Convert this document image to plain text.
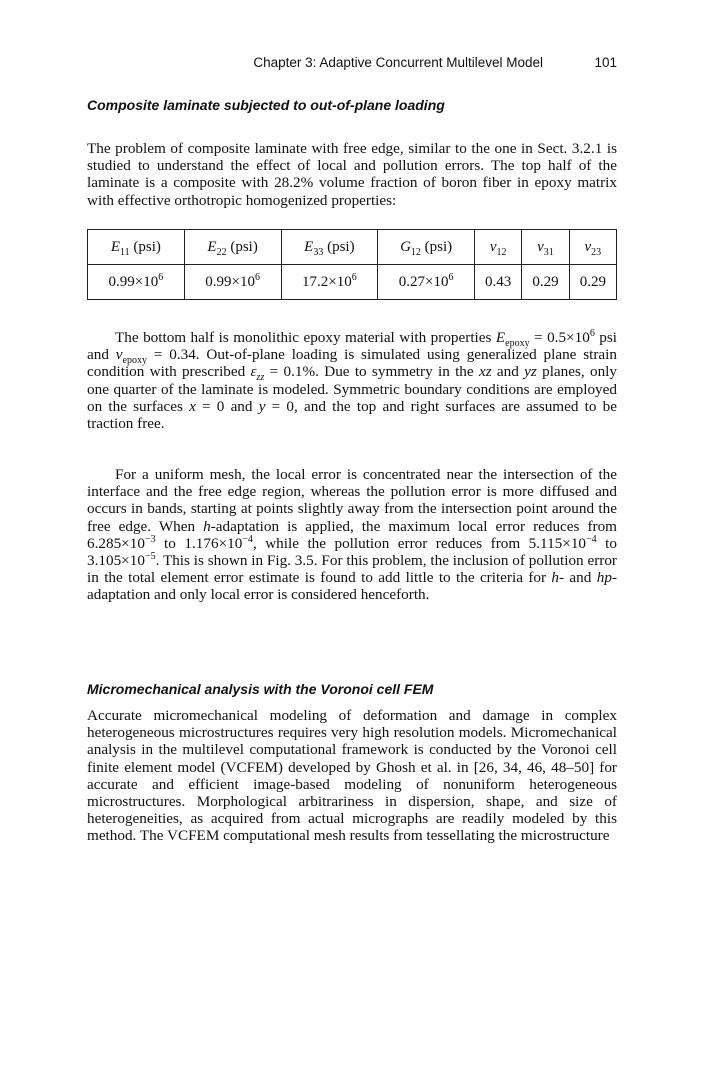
Chapter 3: Adaptive Concurrent Multilevel Model	101
Composite laminate subjected to out-of-plane loading

The problem of composite laminate with free edge, similar to the one in Sect. 3.2.1 is studied to understand the effect of local and pollution errors. The top half of the laminate is a composite with 28.2% volume fraction of boron fiber in epoxy matrix with effective orthotropic homogenized properties:

$E_{11}$ (psi)	$E_{22}$ (psi)	$E_{33}$ (psi)	$G_{12}$ (psi)	$\nu_{12}$	$\nu_{31}$	$\nu_{23}$
$0.99\times 10^6$	$0.99\times 10^6$	$17.2\times 10^6$	$0.27\times 10^6$	0.43	0.29	0.29

The bottom half is monolithic epoxy material with properties $E_{epoxy} = 0.5\times 10^6$ psi and $\nu_{epoxy} = 0.34$. Out-of-plane loading is simulated using generalized plane strain condition with prescribed $\varepsilon_{zz} = 0.1\%$. Due to symmetry in the xz and yz planes, only one quarter of the laminate is modeled. Symmetric boundary conditions are employed on the surfaces x = 0 and y = 0, and the top and right surfaces are assumed to be traction free.

For a uniform mesh, the local error is concentrated near the intersection of the interface and the free edge region, whereas the pollution error is more diffused and occurs in bands, starting at points slightly away from the intersection point around the free edge. When h-adaptation is applied, the maximum local error reduces from $6.285\times 10^{-3}$ to $1.176\times 10^{-4}$, while the pollution error reduces from $5.115\times 10^{-4}$ to $3.105\times 10^{-5}$. This is shown in Fig. 3.5. For this problem, the inclusion of pollution error in the total element error estimate is found to add little to the criteria for h- and hp-adaptation and only local error is considered henceforth.

Micromechanical analysis with the Voronoi cell FEM

Accurate micromechanical modeling of deformation and damage in complex heterogeneous microstructures requires very high resolution models. Micromechanical analysis in the multilevel computational framework is conducted by the Voronoi cell finite element model (VCFEM) developed by Ghosh et al. in [26, 34, 46, 48–50] for accurate and efficient image-based modeling of nonuniform heterogeneous microstructures. Morphological arbitrariness in dispersion, shape, and size of heterogeneities, as acquired from actual micrographs are readily modeled by this method. The VCFEM computational mesh results from tessellating the microstructure
